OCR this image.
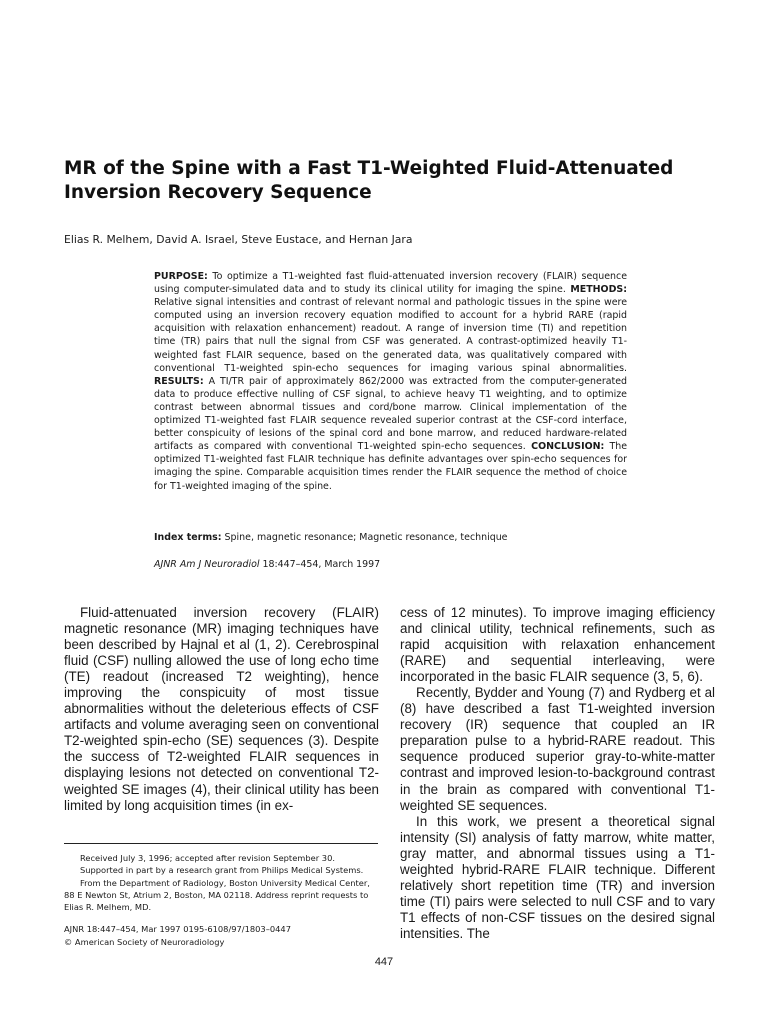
MR of the Spine with a Fast T1-Weighted Fluid-Attenuated Inversion Recovery Sequence

Elias R. Melhem, David A. Israel, Steve Eustace, and Hernan Jara

PURPOSE: To optimize a T1-weighted fast fluid-attenuated inversion recovery (FLAIR) sequence using computer-simulated data and to study its clinical utility for imaging the spine. METHODS: Relative signal intensities and contrast of relevant normal and pathologic tissues in the spine were computed using an inversion recovery equation modified to account for a hybrid RARE (rapid acquisition with relaxation enhancement) readout. A range of inversion time (TI) and repetition time (TR) pairs that null the signal from CSF was generated. A contrast-optimized heavily T1-weighted fast FLAIR sequence, based on the generated data, was qualitatively compared with conventional T1-weighted spin-echo sequences for imaging various spinal abnormalities. RESULTS: A TI/TR pair of approximately 862/2000 was extracted from the computer-generated data to produce effective nulling of CSF signal, to achieve heavy T1 weighting, and to optimize contrast between abnormal tissues and cord/bone marrow. Clinical implementation of the optimized T1-weighted fast FLAIR sequence revealed superior contrast at the CSF-cord interface, better conspicuity of lesions of the spinal cord and bone marrow, and reduced hardware-related artifacts as compared with conventional T1-weighted spin-echo sequences. CONCLUSION: The optimized T1-weighted fast FLAIR technique has definite advantages over spin-echo sequences for imaging the spine. Comparable acquisition times render the FLAIR sequence the method of choice for T1-weighted imaging of the spine.

Index terms: Spine, magnetic resonance; Magnetic resonance, technique

AJNR Am J Neuroradiol 18:447–454, March 1997

Fluid-attenuated inversion recovery (FLAIR) magnetic resonance (MR) imaging techniques have been described by Hajnal et al (1, 2). Cerebrospinal fluid (CSF) nulling allowed the use of long echo time (TE) readout (increased T2 weighting), hence improving the conspicuity of most tissue abnormalities without the deleterious effects of CSF artifacts and volume averaging seen on conventional T2-weighted spin-echo (SE) sequences (3). Despite the success of T2-weighted FLAIR sequences in displaying lesions not detected on conventional T2-weighted SE images (4), their clinical utility has been limited by long acquisition times (in ex-

cess of 12 minutes). To improve imaging efficiency and clinical utility, technical refinements, such as rapid acquisition with relaxation enhancement (RARE) and sequential interleaving, were incorporated in the basic FLAIR sequence (3, 5, 6).

Recently, Bydder and Young (7) and Rydberg et al (8) have described a fast T1-weighted inversion recovery (IR) sequence that coupled an IR preparation pulse to a hybrid-RARE readout. This sequence produced superior gray-to-white-matter contrast and improved lesion-to-background contrast in the brain as compared with conventional T1-weighted SE sequences.

In this work, we present a theoretical signal intensity (SI) analysis of fatty marrow, white matter, gray matter, and abnormal tissues using a T1-weighted hybrid-RARE FLAIR technique. Different relatively short repetition time (TR) and inversion time (TI) pairs were selected to null CSF and to vary T1 effects of non-CSF tissues on the desired signal intensities. The

Received July 3, 1996; accepted after revision September 30.

Supported in part by a research grant from Philips Medical Systems.

From the Department of Radiology, Boston University Medical Center, 88 E Newton St, Atrium 2, Boston, MA 02118. Address reprint requests to Elias R. Melhem, MD.

AJNR 18:447–454, Mar 1997 0195-6108/97/1803–0447

© American Society of Neuroradiology

447
